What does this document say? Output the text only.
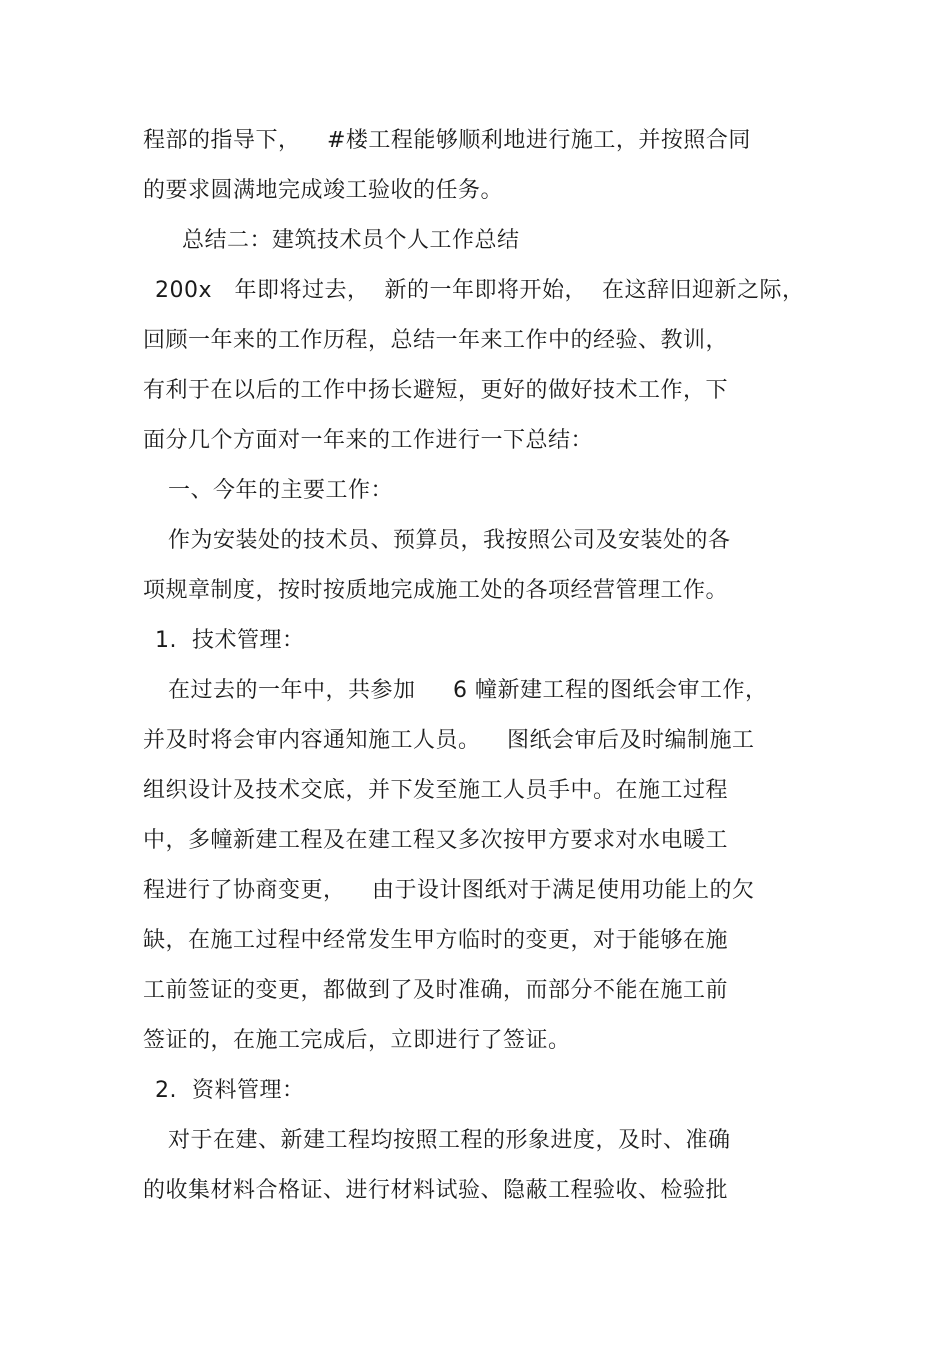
程部的指导下，　  #楼工程能够顺利地进行施工，并按照合同
的要求圆满地完成竣工验收的任务。
总结二：建筑技术员个人工作总结
200x　年即将过去，  新的一年即将开始，  在这辞旧迎新之际，
回顾一年来的工作历程，总结一年来工作中的经验、教训，
有利于在以后的工作中扬长避短，更好的做好技术工作，下
面分几个方面对一年来的工作进行一下总结：
一、今年的主要工作：
作为安装处的技术员、预算员，我按照公司及安装处的各
项规章制度，按时按质地完成施工处的各项经营管理工作。
1.  技术管理：
在过去的一年中，共参加　  6 幢新建工程的图纸会审工作，
并及时将会审内容通知施工人员。　  图纸会审后及时编制施工
组织设计及技术交底，并下发至施工人员手中。在施工过程
中，多幢新建工程及在建工程又多次按甲方要求对水电暖工
程进行了协商变更，　  由于设计图纸对于满足使用功能上的欠
缺，在施工过程中经常发生甲方临时的变更，对于能够在施
工前签证的变更，都做到了及时准确，而部分不能在施工前
签证的，在施工完成后，立即进行了签证。
2.  资料管理：
对于在建、新建工程均按照工程的形象进度，及时、准确
的收集材料合格证、进行材料试验、隐蔽工程验收、检验批
